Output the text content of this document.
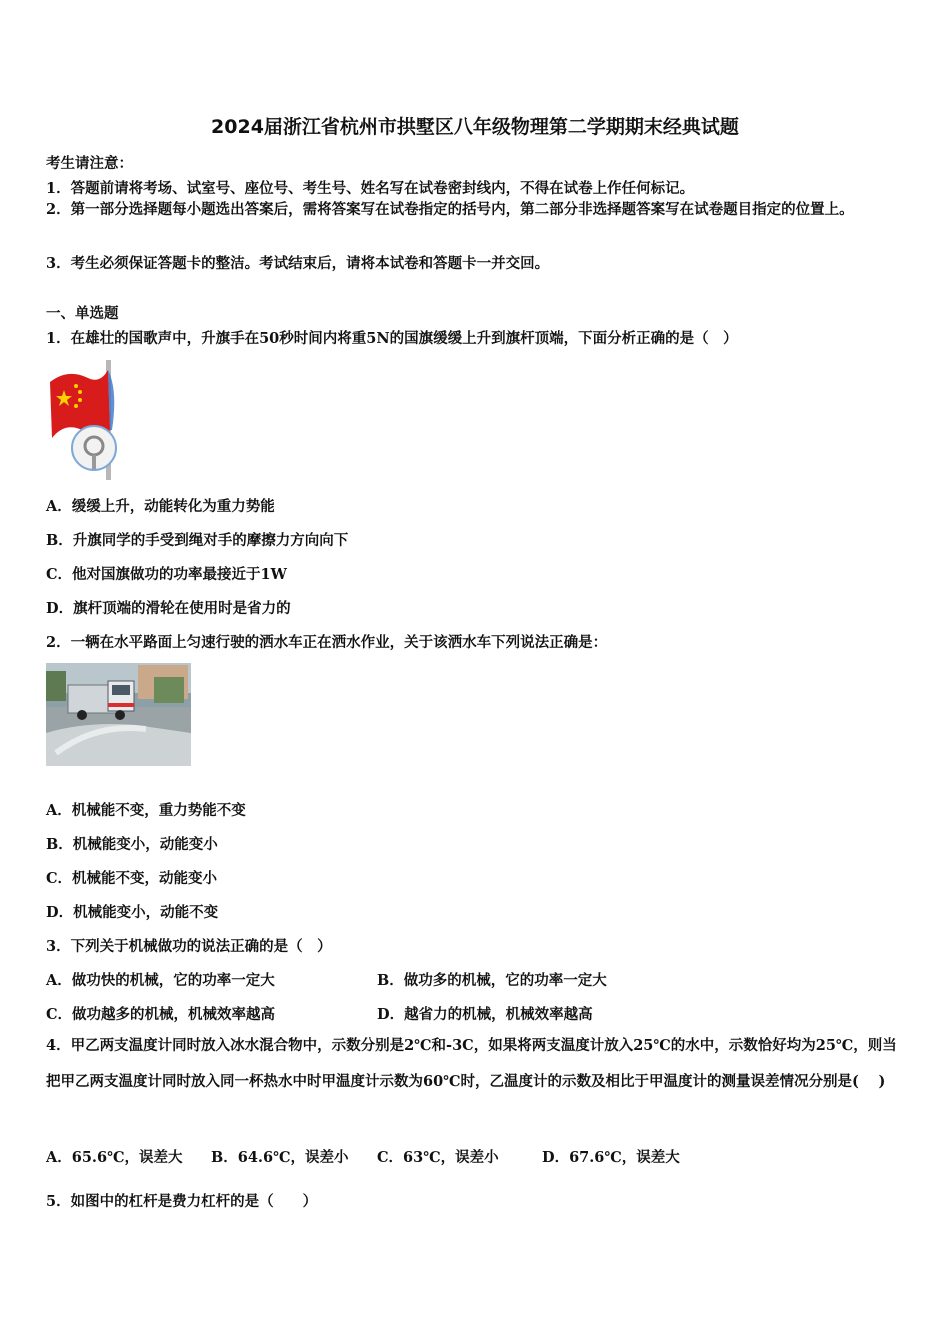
2024届浙江省杭州市拱墅区八年级物理第二学期期末经典试题
考生请注意：
1．答题前请将考场、试室号、座位号、考生号、姓名写在试卷密封线内，不得在试卷上作任何标记。
2．第一部分选择题每小题选出答案后，需将答案写在试卷指定的括号内，第二部分非选择题答案写在试卷题目指定的位置上。
3．考生必须保证答题卡的整洁。考试结束后，请将本试卷和答题卡一并交回。
一、单选题
1．在雄壮的国歌声中，升旗手在50秒时间内将重5N的国旗缓缓上升到旗杆顶端，下面分析正确的是（　）
A．缓缓上升，动能转化为重力势能
B．升旗同学的手受到绳对手的摩擦力方向向下
C．他对国旗做功的功率最接近于1W
D．旗杆顶端的滑轮在使用时是省力的
2．一辆在水平路面上匀速行驶的洒水车正在洒水作业，关于该洒水车下列说法正确是：
A．机械能不变，重力势能不变
B．机械能变小，动能变小
C．机械能不变，动能变小
D．机械能变小，动能不变
3．下列关于机械做功的说法正确的是（　）
A．做功快的机械，它的功率一定大	B．做功多的机械，它的功率一定大
C．做功越多的机械，机械效率越高	D．越省力的机械，机械效率越高
4．甲乙两支温度计同时放入冰水混合物中，示数分别是2℃和-3C，如果将两支温度计放入25℃的水中，示数恰好均为25℃，则当把甲乙两支温度计同时放入同一杯热水中时甲温度计示数为60℃时，乙温度计的示数及相比于甲温度计的测量误差情况分别是(　 )
A．65.6℃，误差大 B．64.6℃，误差小 C．63℃，误差小	D．67.6℃，误差大
5．如图中的杠杆是费力杠杆的是（　　）
